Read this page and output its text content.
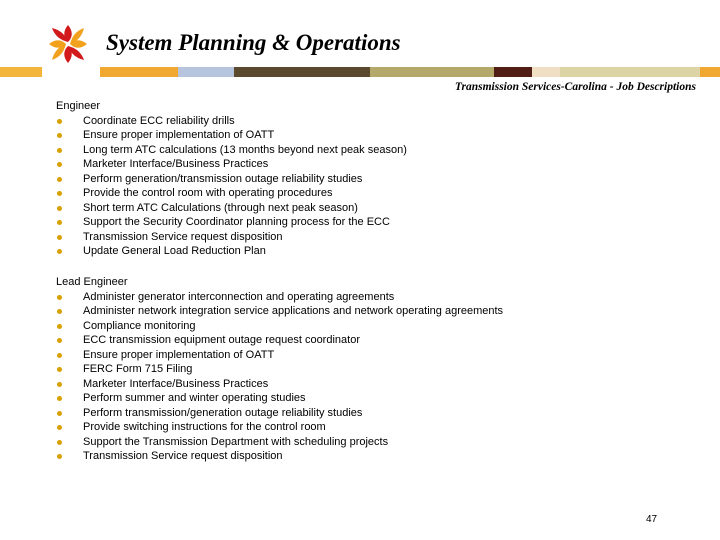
System Planning & Operations
Transmission Services-Carolina - Job Descriptions
Engineer
Coordinate ECC reliability drills
Ensure proper implementation of OATT
Long term ATC calculations (13 months beyond next peak season)
Marketer Interface/Business Practices
Perform generation/transmission outage reliability studies
Provide the control room with operating procedures
Short term ATC Calculations (through next peak season)
Support the Security Coordinator planning process for the ECC
Transmission Service request disposition
Update General Load Reduction Plan
Lead Engineer
Administer generator interconnection and operating agreements
Administer network integration service applications and network operating agreements
Compliance monitoring
ECC transmission equipment outage request coordinator
Ensure proper implementation of OATT
FERC Form 715 Filing
Marketer Interface/Business Practices
Perform summer and winter operating studies
Perform transmission/generation outage reliability studies
Provide switching instructions for the control room
Support the Transmission Department with scheduling projects
Transmission Service request disposition
47
